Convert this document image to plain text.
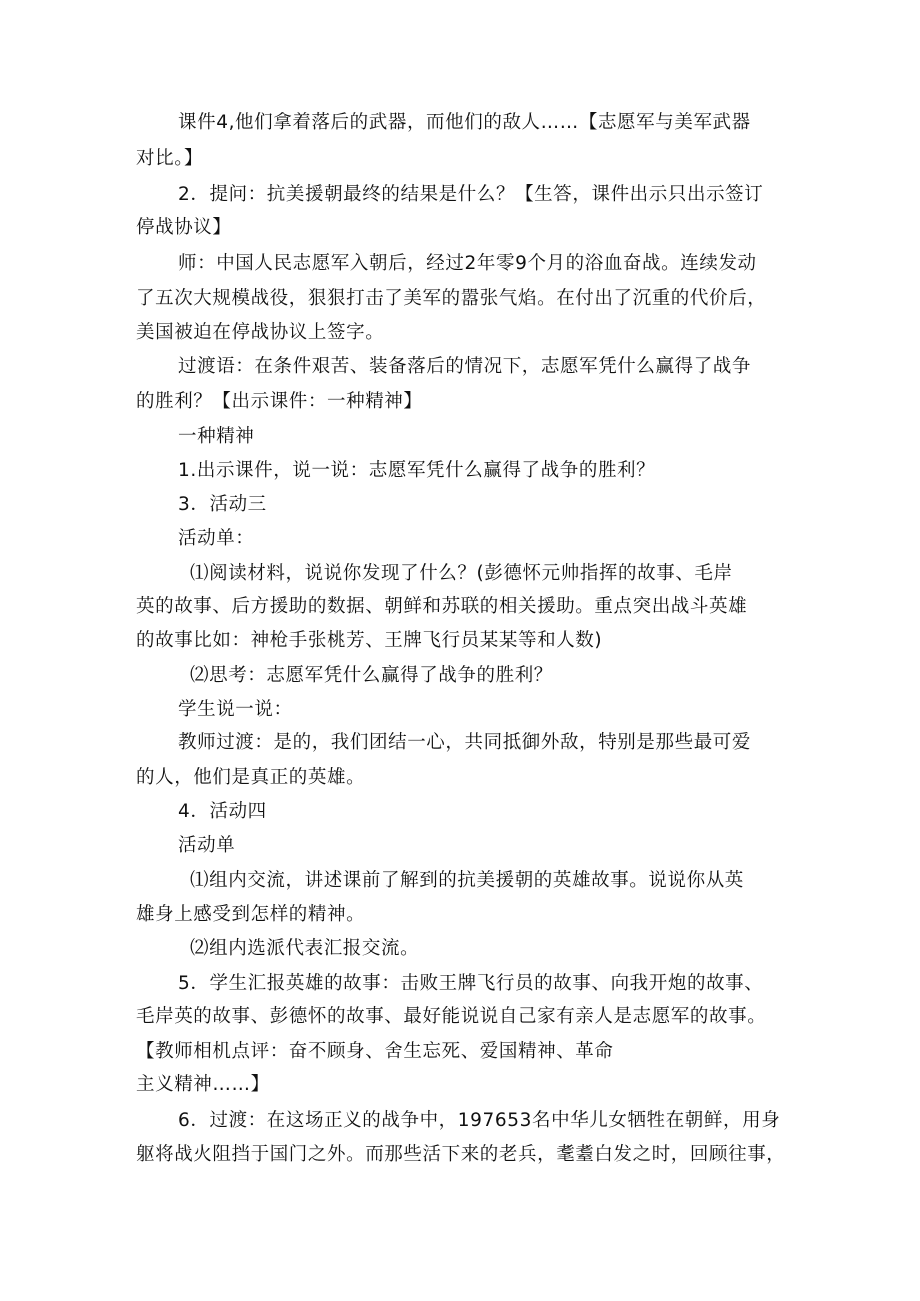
课件4,他们拿着落后的武器，而他们的敌人……【志愿军与美军武器
对比。】
2．提问：抗美援朝最终的结果是什么？【生答，课件出示只出示签订
停战协议】
师：中国人民志愿军入朝后，经过2年零9个月的浴血奋战。连续发动
了五次大规模战役，狠狠打击了美军的嚣张气焰。在付出了沉重的代价后，
美国被迫在停战协议上签字。
过渡语：在条件艰苦、装备落后的情况下，志愿军凭什么赢得了战争
的胜利？【出示课件：一种精神】
一种精神
1.出示课件，说一说：志愿军凭什么赢得了战争的胜利？
3．活动三
活动单：
⑴阅读材料，说说你发现了什么？(彭德怀元帅指挥的故事、毛岸
英的故事、后方援助的数据、朝鲜和苏联的相关援助。重点突出战斗英雄
的故事比如：神枪手张桃芳、王牌飞行员某某等和人数)
⑵思考：志愿军凭什么赢得了战争的胜利？
学生说一说：
教师过渡：是的，我们团结一心，共同抵御外敌，特别是那些最可爱
的人，他们是真正的英雄。
4．活动四
活动单
⑴组内交流，讲述课前了解到的抗美援朝的英雄故事。说说你从英
雄身上感受到怎样的精神。
⑵组内选派代表汇报交流。
5．学生汇报英雄的故事：击败王牌飞行员的故事、向我开炮的故事、
毛岸英的故事、彭德怀的故事、最好能说说自己家有亲人是志愿军的故事。
【教师相机点评：奋不顾身、舍生忘死、爱国精神、革命
主义精神……】
6．过渡：在这场正义的战争中，197653名中华儿女牺牲在朝鲜，用身
躯将战火阻挡于国门之外。而那些活下来的老兵，耄耋白发之时，回顾往事，
